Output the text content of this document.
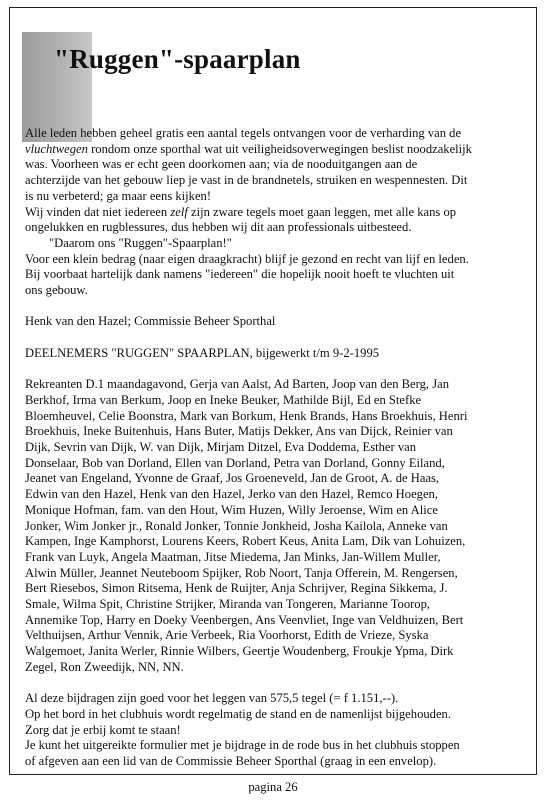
"Ruggen"-spaarplan

Alle leden hebben geheel gratis een aantal tegels ontvangen voor de verharding van de

vluchtwegen rondom onze sporthal wat uit veiligheidsoverwegingen beslist noodzakelijk

was. Voorheen was er echt geen doorkomen aan; via de nooduitgangen aan de

achterzijde van het gebouw liep je vast in de brandnetels, struiken en wespennesten. Dit

is nu verbeterd; ga maar eens kijken!

Wij vinden dat niet iedereen zelf zijn zware tegels moet gaan leggen, met alle kans op

ongelukken en rugblessures, dus hebben wij dit aan professionals uitbesteed.

"Daarom ons "Ruggen"-Spaarplan!"

Voor een klein bedrag (naar eigen draagkracht) blijf je gezond en recht van lijf en leden.

Bij voorbaat hartelijk dank namens "iedereen" die hopelijk nooit hoeft te vluchten uit

ons gebouw.

Henk van den Hazel; Commissie Beheer Sporthal

DEELNEMERS "RUGGEN" SPAARPLAN, bijgewerkt t/m 9-2-1995

Rekreanten D.1 maandagavond, Gerja van Aalst, Ad Barten, Joop van den Berg, Jan

Berkhof, Irma van Berkum, Joop en Ineke Beuker, Mathilde Bijl, Ed en Stefke

Bloemheuvel, Celie Boonstra, Mark van Borkum, Henk Brands, Hans Broekhuis, Henri

Broekhuis, Ineke Buitenhuis, Hans Buter, Matijs Dekker, Ans van Dijck, Reinier van

Dijk, Sevrin van Dijk, W. van Dijk, Mirjam Ditzel, Eva Doddema, Esther van

Donselaar, Bob van Dorland, Ellen van Dorland, Petra van Dorland, Gonny Eiland,

Jeanet van Engeland, Yvonne de Graaf, Jos Groeneveld, Jan de Groot, A. de Haas,

Edwin van den Hazel, Henk van den Hazel, Jerko van den Hazel, Remco Hoegen,

Monique Hofman, fam. van den Hout, Wim Huzen, Willy Jeroense, Wim en Alice

Jonker, Wim Jonker jr., Ronald Jonker, Tonnie Jonkheid, Josha Kailola, Anneke van

Kampen, Inge Kamphorst, Lourens Keers, Robert Keus, Anita Lam, Dik van Lohuizen,

Frank van Luyk, Angela Maatman, Jitse Miedema, Jan Minks, Jan-Willem Muller,

Alwin Müller, Jeannet Neuteboom Spijker, Rob Noort, Tanja Offerein, M. Rengersen,

Bert Riesebos, Simon Ritsema, Henk de Ruijter, Anja Schrijver, Regina Sikkema, J.

Smale, Wilma Spit, Christine Strijker, Miranda van Tongeren, Marianne Toorop,

Annemike Top, Harry en Doeky Veenbergen, Ans Veenvliet, Inge van Veldhuizen, Bert

Velthuijsen, Arthur Vennik, Arie Verbeek, Ria Voorhorst, Edith de Vrieze, Syska

Walgemoet, Janita Werler, Rinnie Wilbers, Geertje Woudenberg, Froukje Ypma, Dirk

Zegel, Ron Zweedijk, NN, NN.

Al deze bijdragen zijn goed voor het leggen van 575,5 tegel (= f 1.151,--).

Op het bord in het clubhuis wordt regelmatig de stand en de namenlijst bijgehouden.

Zorg dat je erbij komt te staan!

Je kunt het uitgereikte formulier met je bijdrage in de rode bus in het clubhuis stoppen

of afgeven aan een lid van de Commissie Beheer Sporthal (graag in een envelop).

pagina 26
